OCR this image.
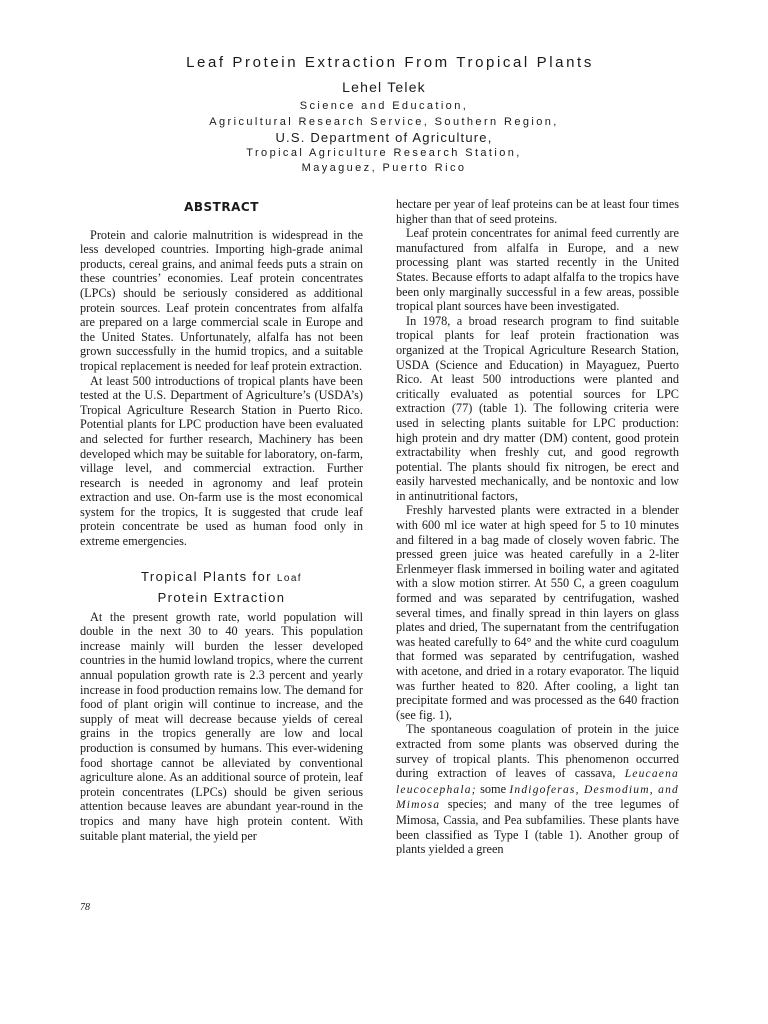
Leaf Protein Extraction From Tropical Plants
Lehel Telek
Science and Education,
Agricultural Research Service, Southern Region,
U.S. Department of Agriculture,
Tropical Agriculture Research Station,
Mayaguez, Puerto Rico
ABSTRACT

Protein and calorie malnutrition is widespread in the less developed countries. Importing high-grade animal products, cereal grains, and animal feeds puts a strain on these countries’ economies. Leaf protein concentrates (LPCs) should be seriously considered as additional protein sources. Leaf protein concentrates from alfalfa are prepared on a large commercial scale in Europe and the United States. Unfortunately, alfalfa has not been grown successfully in the humid tropics, and a suitable tropical replacement is needed for leaf protein extraction.

At least 500 introductions of tropical plants have been tested at the U.S. Department of Agriculture’s (USDA’s) Tropical Agriculture Research Station in Puerto Rico. Potential plants for LPC production have been evaluated and selected for further research, Machinery has been developed which may be suitable for laboratory, on-farm, village level, and commercial extraction. Further research is needed in agronomy and leaf protein extraction and use. On-farm use is the most economical system for the tropics, It is suggested that crude leaf protein concentrate be used as human food only in extreme emergencies.

Tropical Plants for Loaf
Protein Extraction

At the present growth rate, world population will double in the next 30 to 40 years. This population increase mainly will burden the lesser developed countries in the humid lowland tropics, where the current annual population growth rate is 2.3 percent and yearly increase in food production remains low. The demand for food of plant origin will continue to increase, and the supply of meat will decrease because yields of cereal grains in the tropics generally are low and local production is consumed by humans. This ever-widening food shortage cannot be alleviated by conventional agriculture alone. As an additional source of protein, leaf protein concentrates (LPCs) should be given serious attention because leaves are abundant year-round in the tropics and many have high protein content. With suitable plant material, the yield per

hectare per year of leaf proteins can be at least four times higher than that of seed proteins.

Leaf protein concentrates for animal feed currently are manufactured from alfalfa in Europe, and a new processing plant was started recently in the United States. Because efforts to adapt alfalfa to the tropics have been only marginally successful in a few areas, possible tropical plant sources have been investigated.

In 1978, a broad research program to find suitable tropical plants for leaf protein fractionation was organized at the Tropical Agriculture Research Station, USDA (Science and Education) in Mayaguez, Puerto Rico. At least 500 introductions were planted and critically evaluated as potential sources for LPC extraction (77) (table 1). The following criteria were used in selecting plants suitable for LPC production: high protein and dry matter (DM) content, good protein extractability when freshly cut, and good regrowth potential. The plants should fix nitrogen, be erect and easily harvested mechanically, and be nontoxic and low in antinutritional factors,

Freshly harvested plants were extracted in a blender with 600 ml ice water at high speed for 5 to 10 minutes and filtered in a bag made of closely woven fabric. The pressed green juice was heated carefully in a 2-liter Erlenmeyer flask immersed in boiling water and agitated with a slow motion stirrer. At 550 C, a green coagulum formed and was separated by centrifugation, washed several times, and finally spread in thin layers on glass plates and dried, The supernatant from the centrifugation was heated carefully to 64° and the white curd coagulum that formed was separated by centrifugation, washed with acetone, and dried in a rotary evaporator. The liquid was further heated to 820. After cooling, a light tan precipitate formed and was processed as the 640 fraction (see fig. 1),

The spontaneous coagulation of protein in the juice extracted from some plants was observed during the survey of tropical plants. This phenomenon occurred during extraction of leaves of cassava, Leucaena leucocephala; some Indigoferas, Desmodium, and Mimosa species; and many of the tree legumes of Mimosa, Cassia, and Pea subfamilies. These plants have been classified as Type I (table 1). Another group of plants yielded a green

78
